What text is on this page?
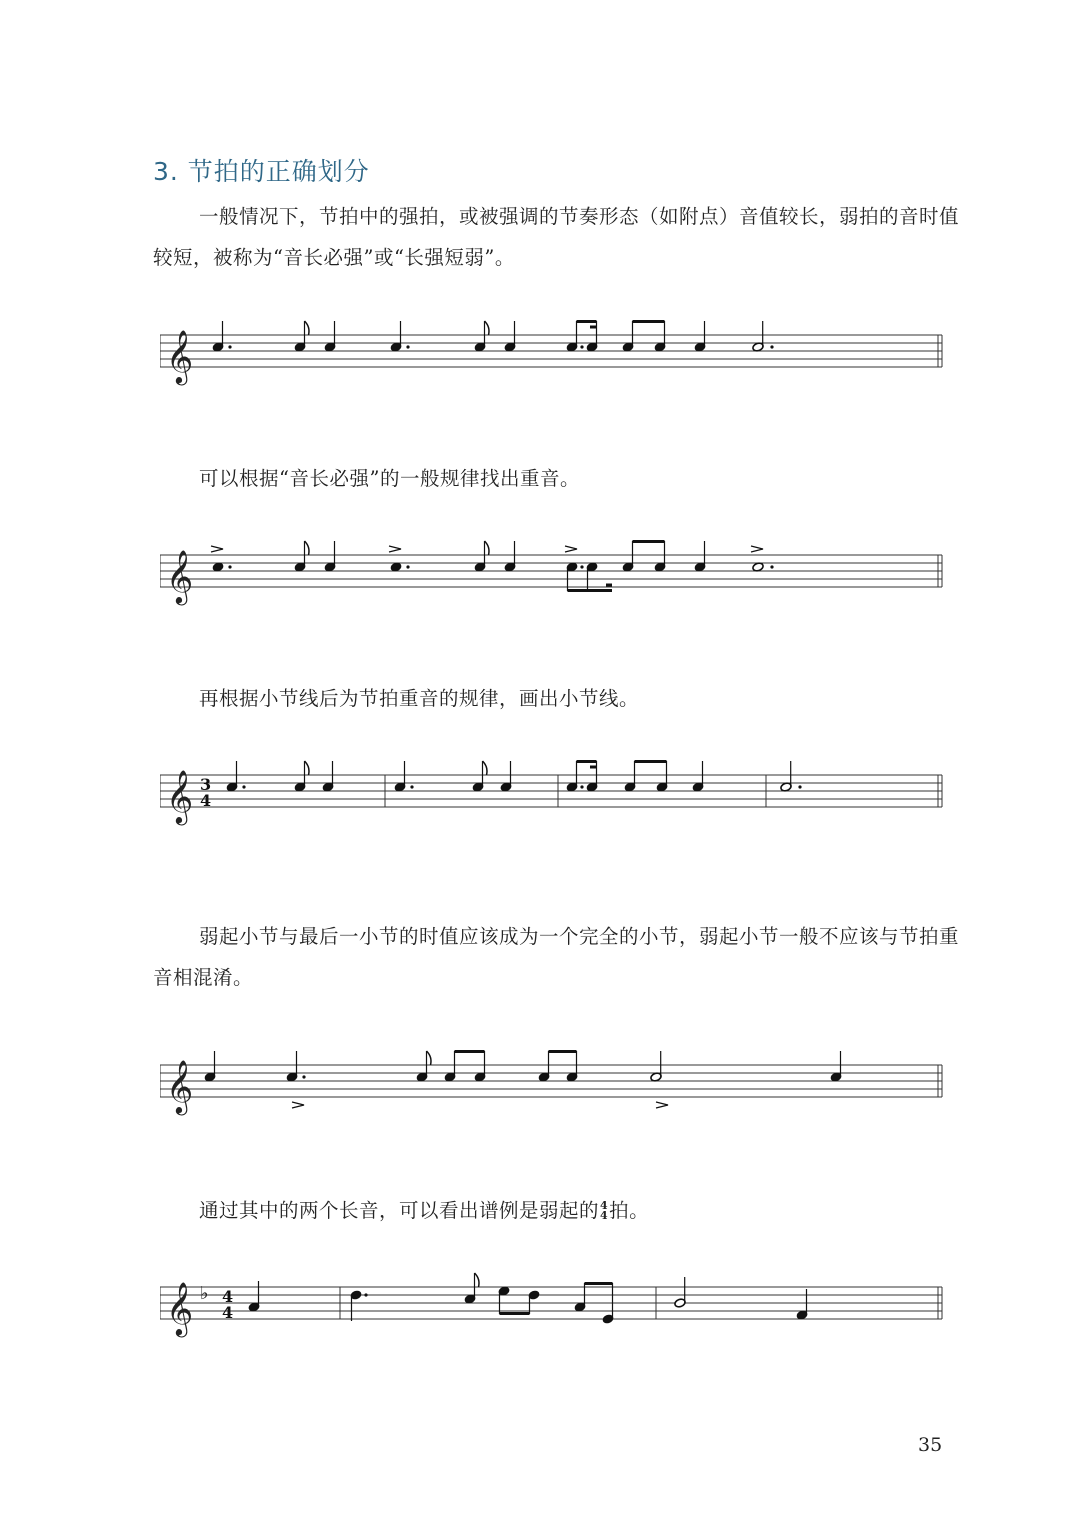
3. 节拍的正确划分
一般情况下，节拍中的强拍，或被强调的节奏形态（如附点）音值较长，弱拍的音时值较短，被称为“音长必强”或“长强短弱”。
𝄞
可以根据“音长必强”的一般规律找出重音。
𝄞
再根据小节线后为节拍重音的规律，画出小节线。
𝄞 3
4
弱起小节与最后一小节的时值应该成为一个完全的小节，弱起小节一般不应该与节拍重音相混淆。
𝄞
通过其中的两个长音，可以看出谱例是弱起的 4
4 拍。
𝄞 ♭ 4
4
35
